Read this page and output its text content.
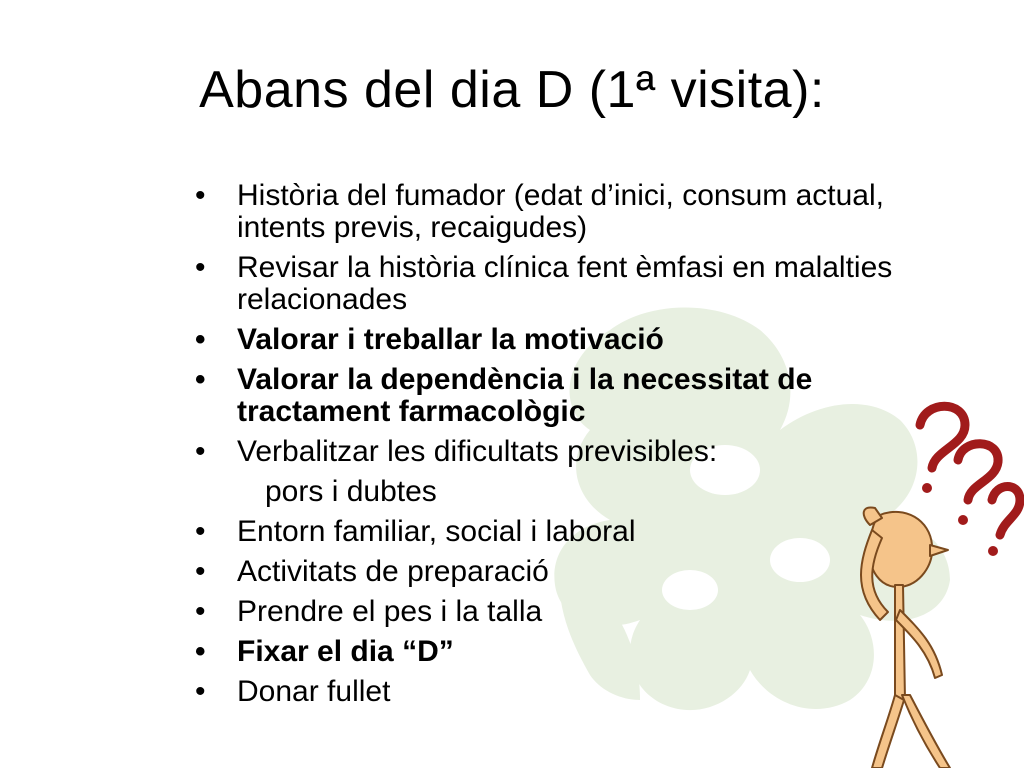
Abans del dia D (1ª visita):
• Història del fumador (edat d’inici, consum actual, intents previs, recaigudes)
• Revisar la història clínica fent èmfasi en malalties relacionades
• Valorar i treballar la motivació
• Valorar la dependència i la necessitat de tractament farmacològic
• Verbalitzar les dificultats previsibles:
pors i dubtes
• Entorn familiar, social i laboral
• Activitats de preparació
• Prendre el pes i la talla
• Fixar el dia “D”
• Donar fullet
